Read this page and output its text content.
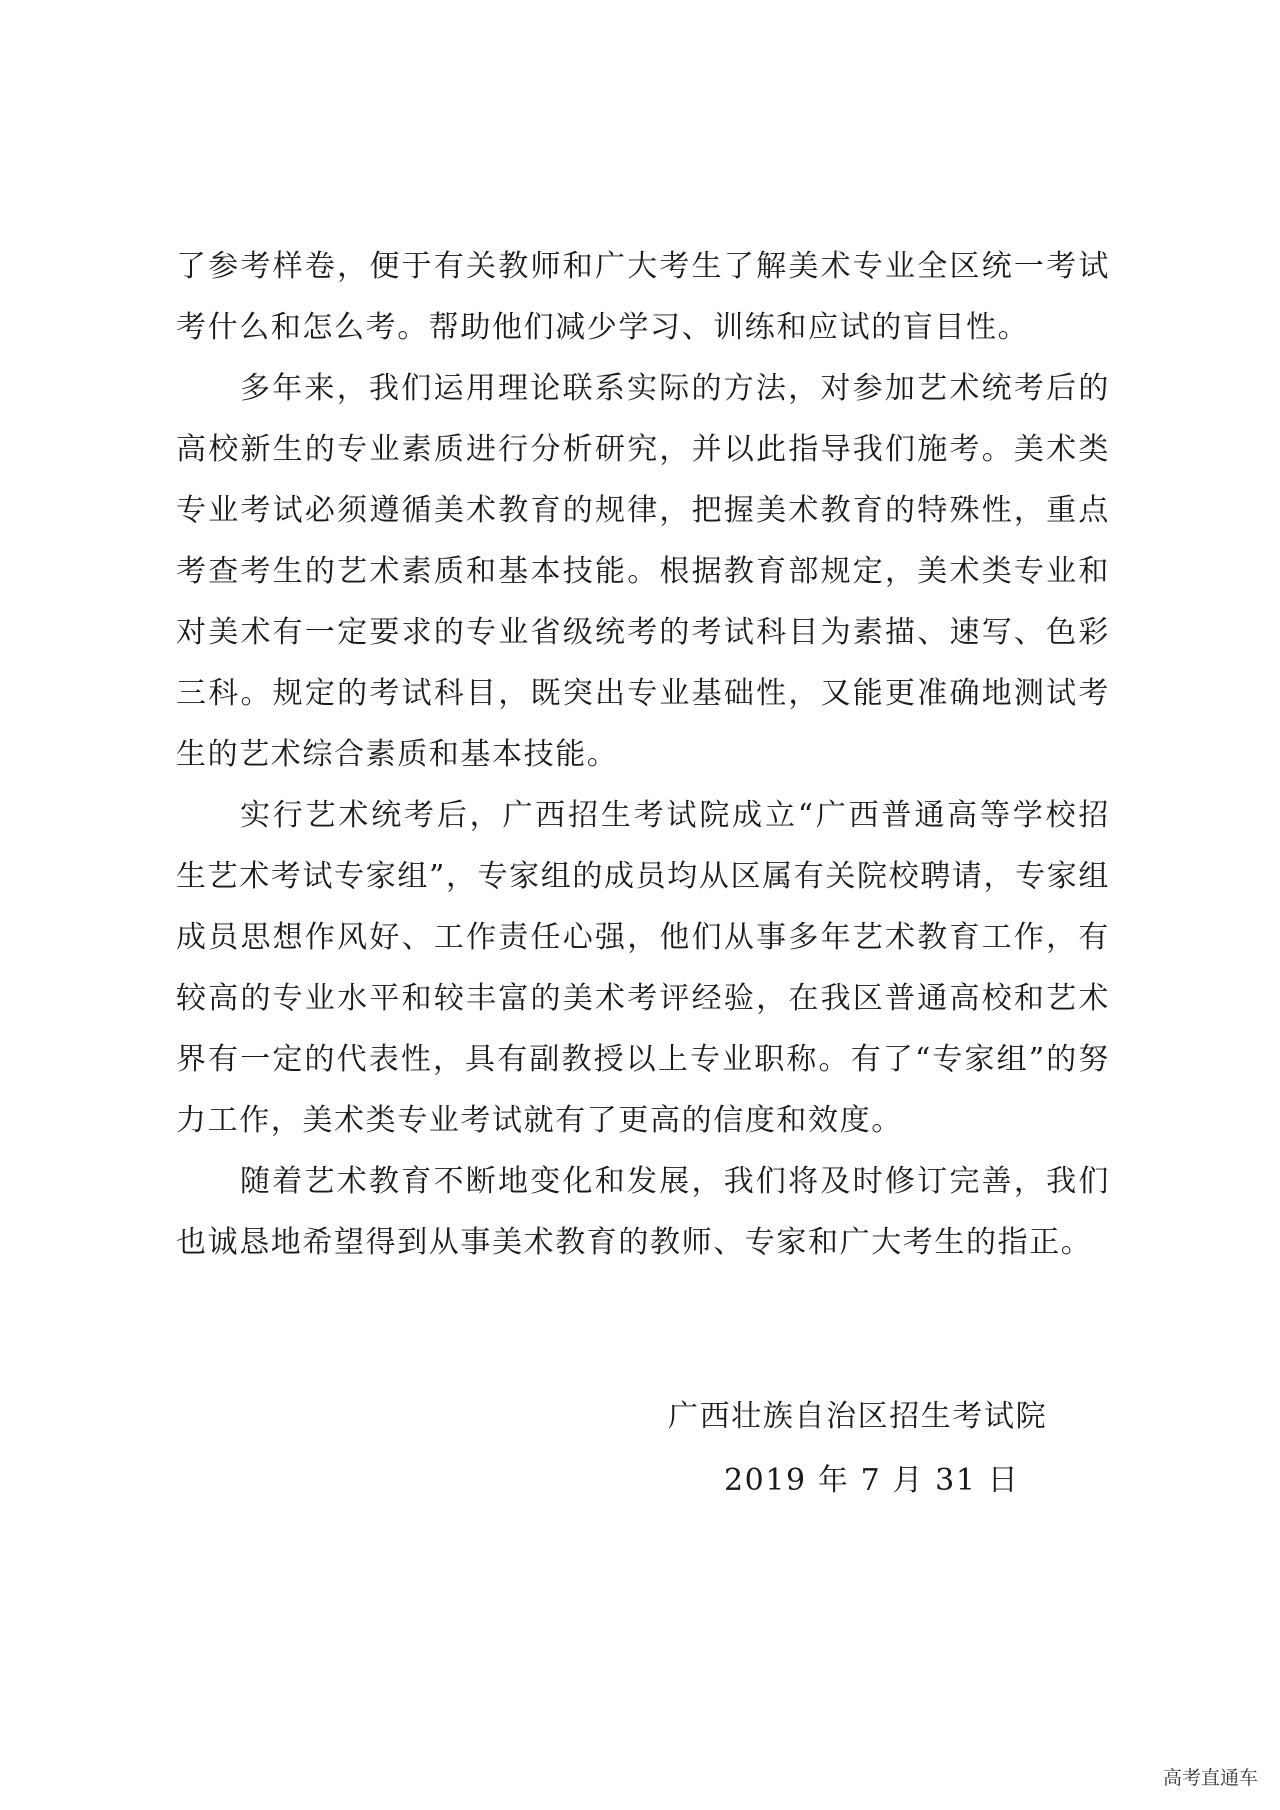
了参考样卷，便于有关教师和广大考生了解美术专业全区统一考试考什么和怎么考。帮助他们减少学习、训练和应试的盲目性。

多年来，我们运用理论联系实际的方法，对参加艺术统考后的高校新生的专业素质进行分析研究，并以此指导我们施考。美术类专业考试必须遵循美术教育的规律，把握美术教育的特殊性，重点考查考生的艺术素质和基本技能。根据教育部规定，美术类专业和对美术有一定要求的专业省级统考的考试科目为素描、速写、色彩三科。规定的考试科目，既突出专业基础性，又能更准确地测试考生的艺术综合素质和基本技能。

实行艺术统考后，广西招生考试院成立“广西普通高等学校招生艺术考试专家组”，专家组的成员均从区属有关院校聘请，专家组成员思想作风好、工作责任心强，他们从事多年艺术教育工作，有较高的专业水平和较丰富的美术考评经验，在我区普通高校和艺术界有一定的代表性，具有副教授以上专业职称。有了“专家组”的努力工作，美术类专业考试就有了更高的信度和效度。

随着艺术教育不断地变化和发展，我们将及时修订完善，我们也诚恳地希望得到从事美术教育的教师、专家和广大考生的指正。

广西壮族自治区招生考试院
2019 年 7 月 31 日
高考直通车
